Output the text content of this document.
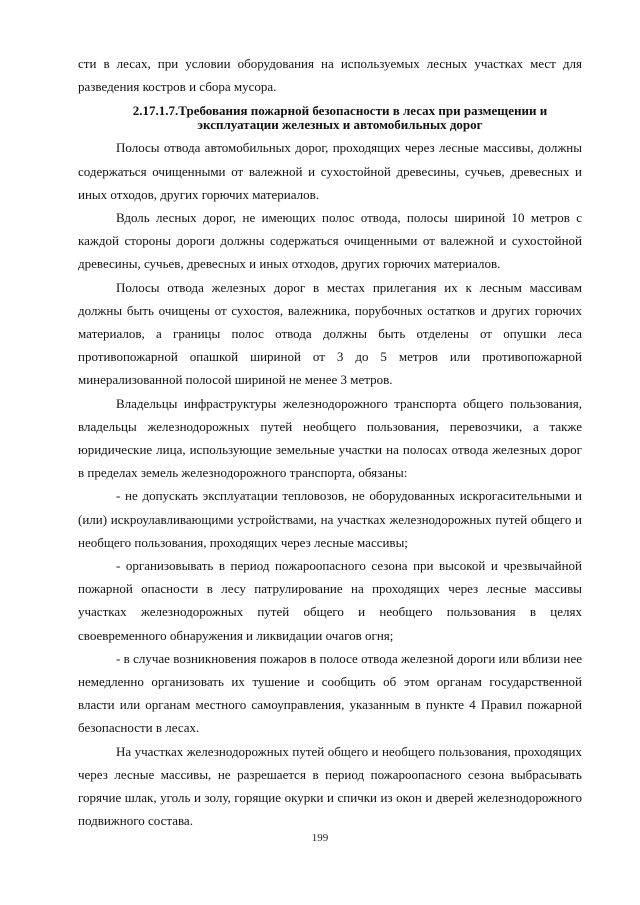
сти в лесах, при условии оборудования на используемых лесных участках мест для разведения костров и сбора мусора.

2.17.1.7.Требования пожарной безопасности в лесах при размещении и эксплуатации железных и автомобильных дорог

Полосы отвода автомобильных дорог, проходящих через лесные массивы, должны содержаться очищенными от валежной и сухостойной древесины, сучьев, древесных и иных отходов, других горючих материалов.

Вдоль лесных дорог, не имеющих полос отвода, полосы шириной 10 метров с каждой стороны дороги должны содержаться очищенными от валежной и сухостойной древесины, сучьев, древесных и иных отходов, других горючих материалов.

Полосы отвода железных дорог в местах прилегания их к лесным массивам должны быть очищены от сухостоя, валежника, порубочных остатков и других горючих материалов, а границы полос отвода должны быть отделены от опушки леса противопожарной опашкой шириной от 3 до 5 метров или противопожарной минерализованной полосой шириной не менее 3 метров.

Владельцы инфраструктуры железнодорожного транспорта общего пользования, владельцы железнодорожных путей необщего пользования, перевозчики, а также юридические лица, использующие земельные участки на полосах отвода железных дорог в пределах земель железнодорожного транспорта, обязаны:

- не допускать эксплуатации тепловозов, не оборудованных искрогасительными и (или) искроулавливающими устройствами, на участках железнодорожных путей общего и необщего пользования, проходящих через лесные массивы;

- организовывать в период пожароопасного сезона при высокой и чрезвычайной пожарной опасности в лесу патрулирование на проходящих через лесные массивы участках железнодорожных путей общего и необщего пользования в целях своевременного обнаружения и ликвидации очагов огня;

- в случае возникновения пожаров в полосе отвода железной дороги или вблизи нее немедленно организовать их тушение и сообщить об этом органам государственной власти или органам местного самоуправления, указанным в пункте 4 Правил пожарной безопасности в лесах.

На участках железнодорожных путей общего и необщего пользования, проходящих через лесные массивы, не разрешается в период пожароопасного сезона выбрасывать горячие шлак, уголь и золу, горящие окурки и спички из окон и дверей железнодорожного подвижного состава.

199
